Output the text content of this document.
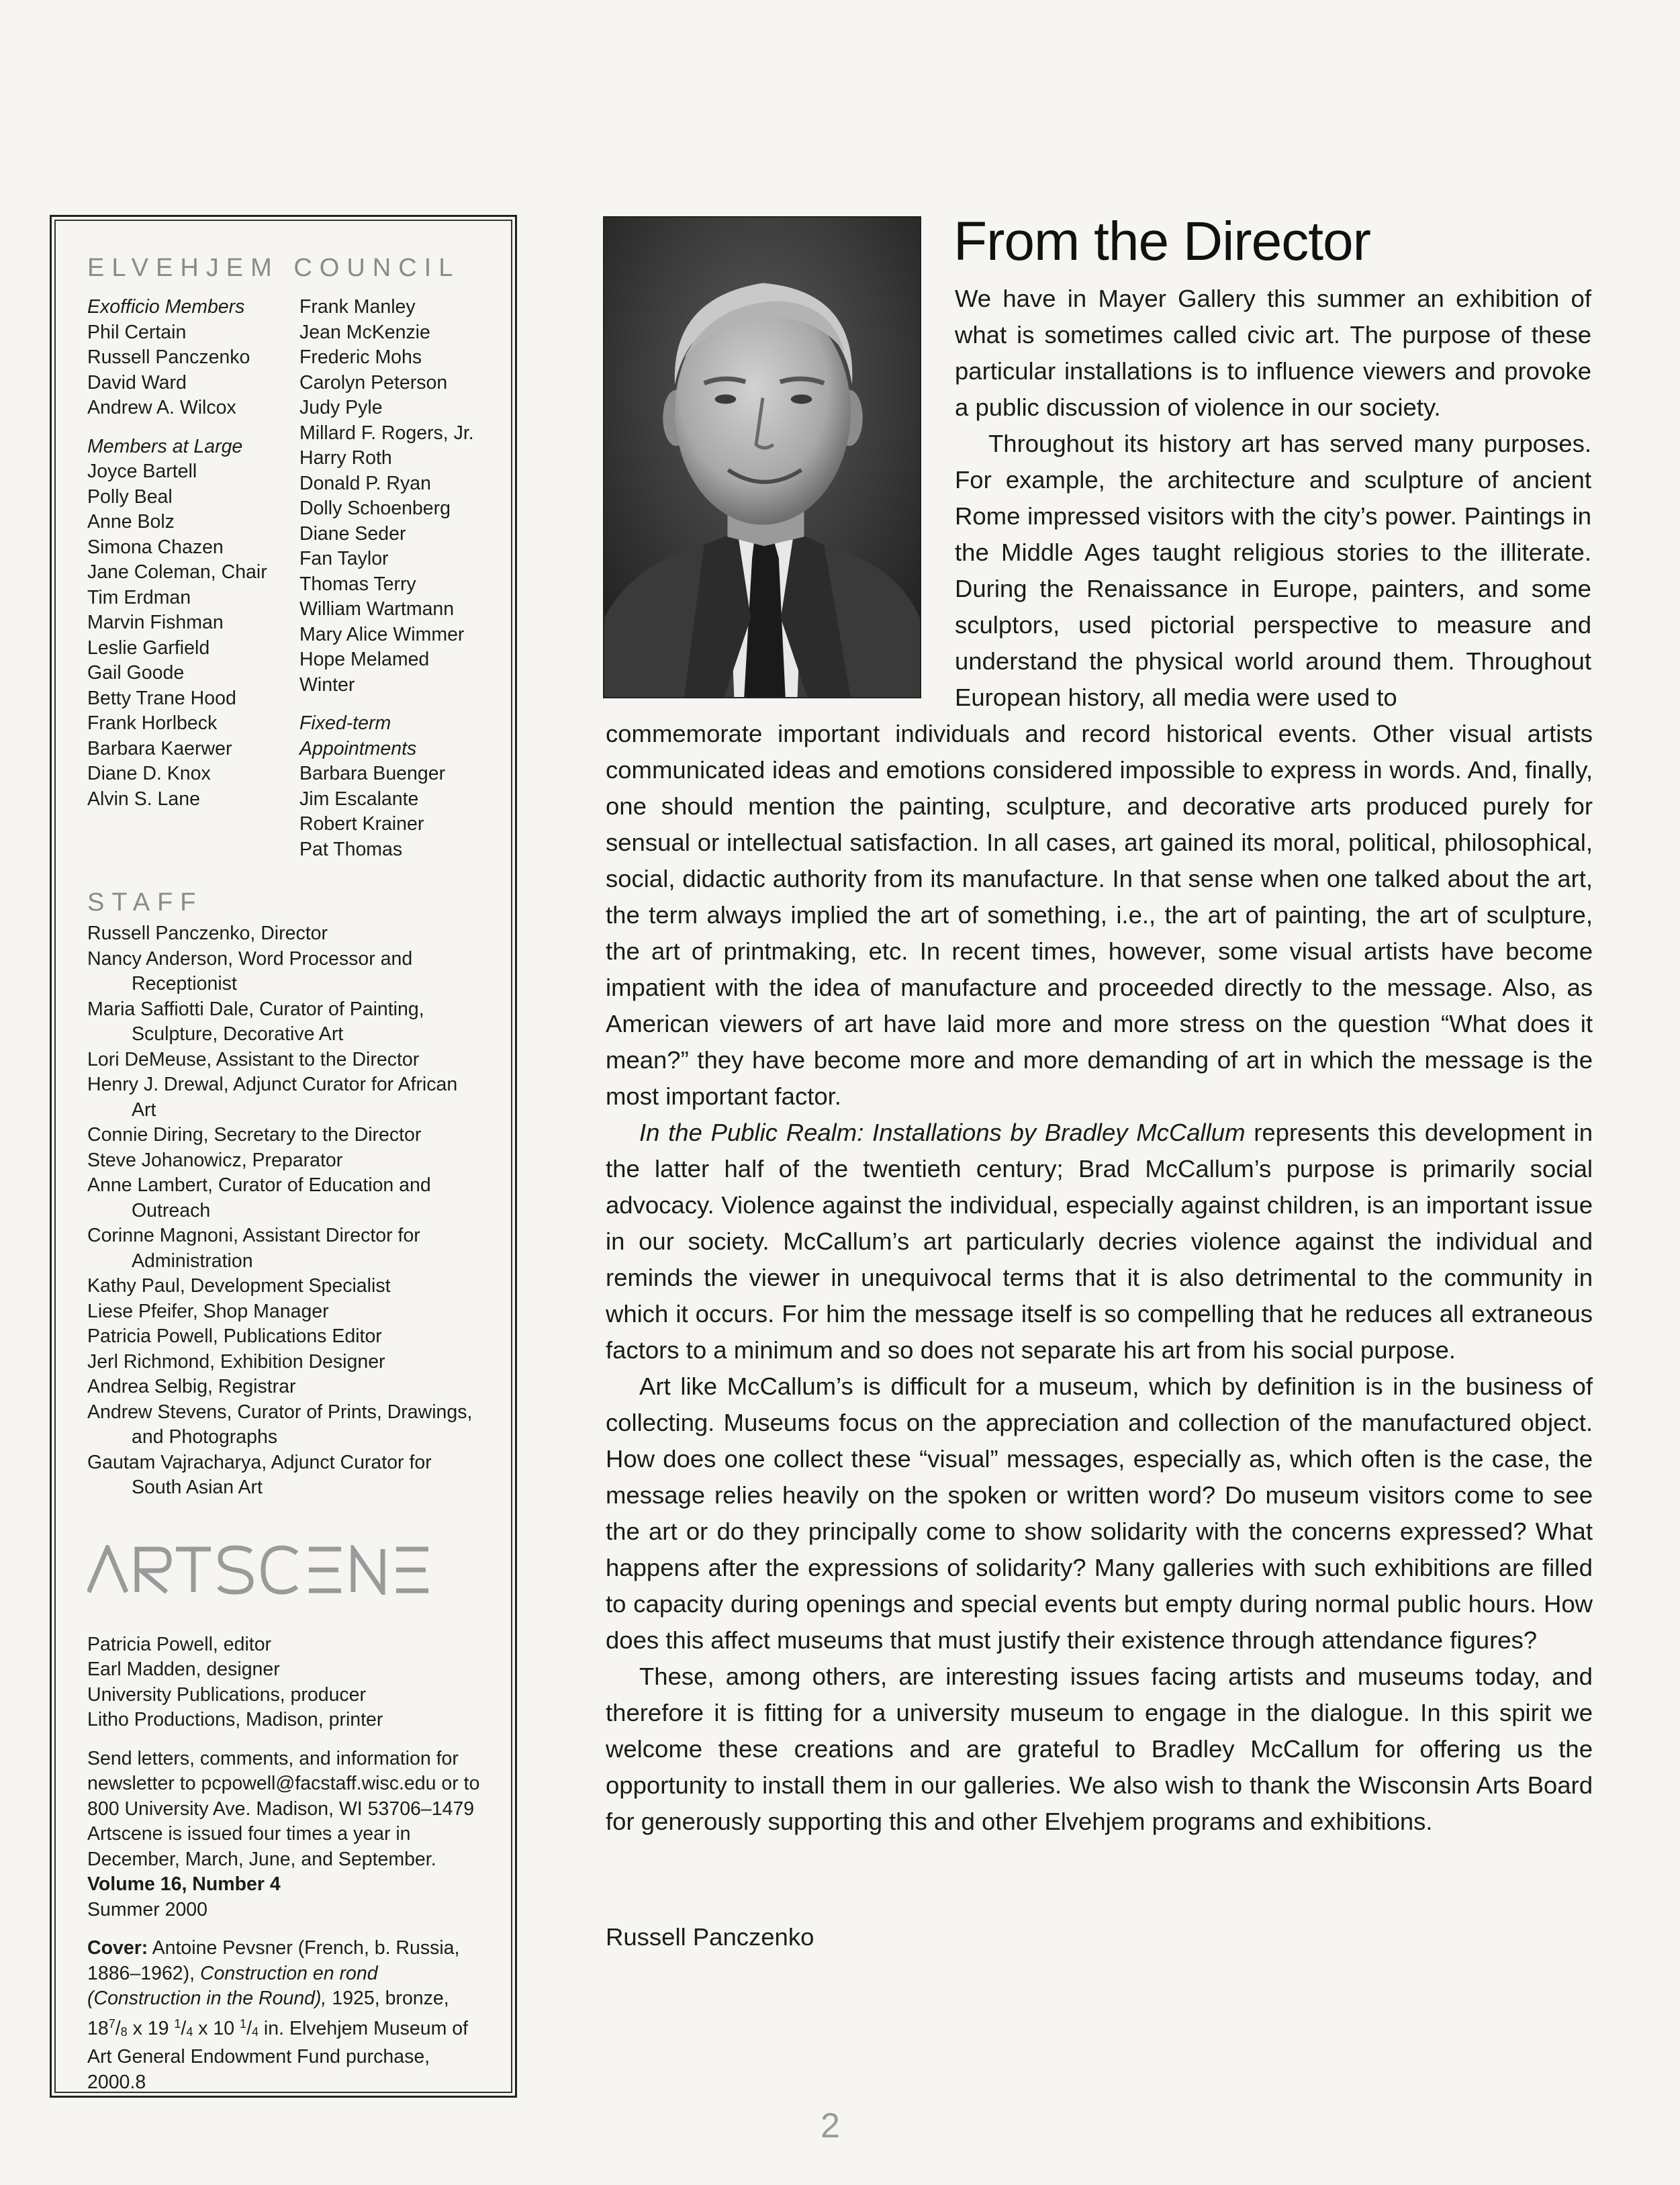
ELVEHJEM COUNCIL
Exofficio Members
Phil Certain
Russell Panczenko
David Ward
Andrew A. Wilcox
Members at Large
Joyce Bartell
Polly Beal
Anne Bolz
Simona Chazen
Jane Coleman, Chair
Tim Erdman
Marvin Fishman
Leslie Garfield
Gail Goode
Betty Trane Hood
Frank Horlbeck
Barbara Kaerwer
Diane D. Knox
Alvin S. Lane
Frank Manley
Jean McKenzie
Frederic Mohs
Carolyn Peterson
Judy Pyle
Millard F. Rogers, Jr.
Harry Roth
Donald P. Ryan
Dolly Schoenberg
Diane Seder
Fan Taylor
Thomas Terry
William Wartmann
Mary Alice Wimmer
Hope Melamed Winter
Fixed-term
Appointments
Barbara Buenger
Jim Escalante
Robert Krainer
Pat Thomas
STAFF
Russell Panczenko, Director
Nancy Anderson, Word Processor and Receptionist
Maria Saffiotti Dale, Curator of Painting, Sculpture, Decorative Art
Lori DeMeuse, Assistant to the Director
Henry J. Drewal, Adjunct Curator for African Art
Connie Diring, Secretary to the Director
Steve Johanowicz, Preparator
Anne Lambert, Curator of Education and Outreach
Corinne Magnoni, Assistant Director for Administration
Kathy Paul, Development Specialist
Liese Pfeifer, Shop Manager
Patricia Powell, Publications Editor
Jerl Richmond, Exhibition Designer
Andrea Selbig, Registrar
Andrew Stevens, Curator of Prints, Drawings, and Photographs
Gautam Vajracharya, Adjunct Curator for South Asian Art
Patricia Powell, editor
Earl Madden, designer
University Publications, producer
Litho Productions, Madison, printer

Send letters, comments, and information for newsletter to pcpowell@facstaff.wisc.edu or to 800 University Ave. Madison, WI 53706–1479

Artscene is issued four times a year in December, March, June, and September.

Volume 16, Number 4

Summer 2000

Cover: Antoine Pevsner (French, b. Russia, 1886–1962), Construction en rond (Construction in the Round), 1925, bronze, $18^7/_8$ x 19 $^1/_4$ x 10 $^1/_4$ in. Elvehjem Museum of Art General Endowment Fund purchase, 2000.8

From the Director

We have in Mayer Gallery this summer an exhibition of what is sometimes called civic art. The purpose of these particular installations is to influence viewers and provoke a public discussion of violence in our society.

Throughout its history art has served many purposes. For example, the architecture and sculpture of ancient Rome impressed visitors with the city’s power. Paintings in the Middle Ages taught religious stories to the illiterate. During the Renaissance in Europe, painters, and some sculptors, used pictorial perspective to measure and understand the physical world around them. Throughout European history, all media were used to

commemorate important individuals and record historical events. Other visual artists communicated ideas and emotions considered impossible to express in words. And, finally, one should mention the painting, sculpture, and decorative arts produced purely for sensual or intellectual satisfaction. In all cases, art gained its moral, political, philosophical, social, didactic authority from its manufacture. In that sense when one talked about the art, the term always implied the art of something, i.e., the art of painting, the art of sculpture, the art of printmaking, etc. In recent times, however, some visual artists have become impatient with the idea of manufacture and proceeded directly to the message. Also, as American viewers of art have laid more and more stress on the question “What does it mean?” they have become more and more demanding of art in which the message is the most important factor.

In the Public Realm: Installations by Bradley McCallum represents this development in the latter half of the twentieth century; Brad McCallum’s purpose is primarily social advocacy. Violence against the individual, especially against children, is an important issue in our society. McCallum’s art particularly decries violence against the individual and reminds the viewer in unequivocal terms that it is also detrimental to the community in which it occurs. For him the message itself is so compelling that he reduces all extraneous factors to a minimum and so does not separate his art from his social purpose.

Art like McCallum’s is difficult for a museum, which by definition is in the business of collecting. Museums focus on the appreciation and collection of the manufactured object. How does one collect these “visual” messages, especially as, which often is the case, the message relies heavily on the spoken or written word? Do museum visitors come to see the art or do they principally come to show solidarity with the concerns expressed? What happens after the expressions of solidarity? Many galleries with such exhibitions are filled to capacity during openings and special events but empty during normal public hours. How does this affect museums that must justify their existence through attendance figures?

These, among others, are interesting issues facing artists and museums today, and therefore it is fitting for a university museum to engage in the dialogue. In this spirit we welcome these creations and are grateful to Bradley McCallum for offering us the opportunity to install them in our galleries. We also wish to thank the Wisconsin Arts Board for generously supporting this and other Elvehjem programs and exhibitions.

Russell Panczenko

2
